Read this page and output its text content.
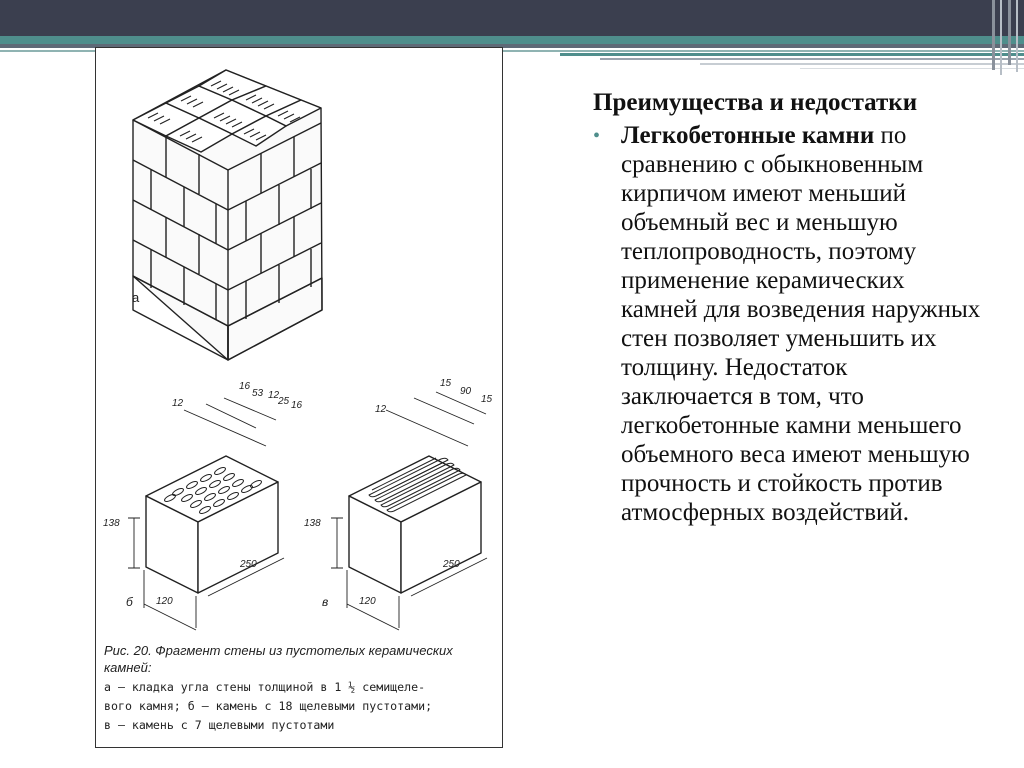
а
12
16
53 12
25 16
138
250
120
б
12
15
90
15
138
250
120
в
Рис. 20. Фрагмент стены из пустотелых керамических камней:
а – кладка угла стены толщиной в 1 ½ семищеле-
вого камня; б – камень с 18 щелевыми пустотами;
в – камень с 7 щелевыми пустотами
Преимущества и недостатки
• Легкобетонные камни по сравнению с обыкновенным кирпичом имеют меньший объемный вес и меньшую теплопроводность, поэтому применение керамических камней для возведения наружных стен позволяет уменьшить их толщину. Недостаток заключается в том, что легкобетонные камни меньшего объемного веса имеют меньшую прочность и стойкость против атмосферных воздействий.
